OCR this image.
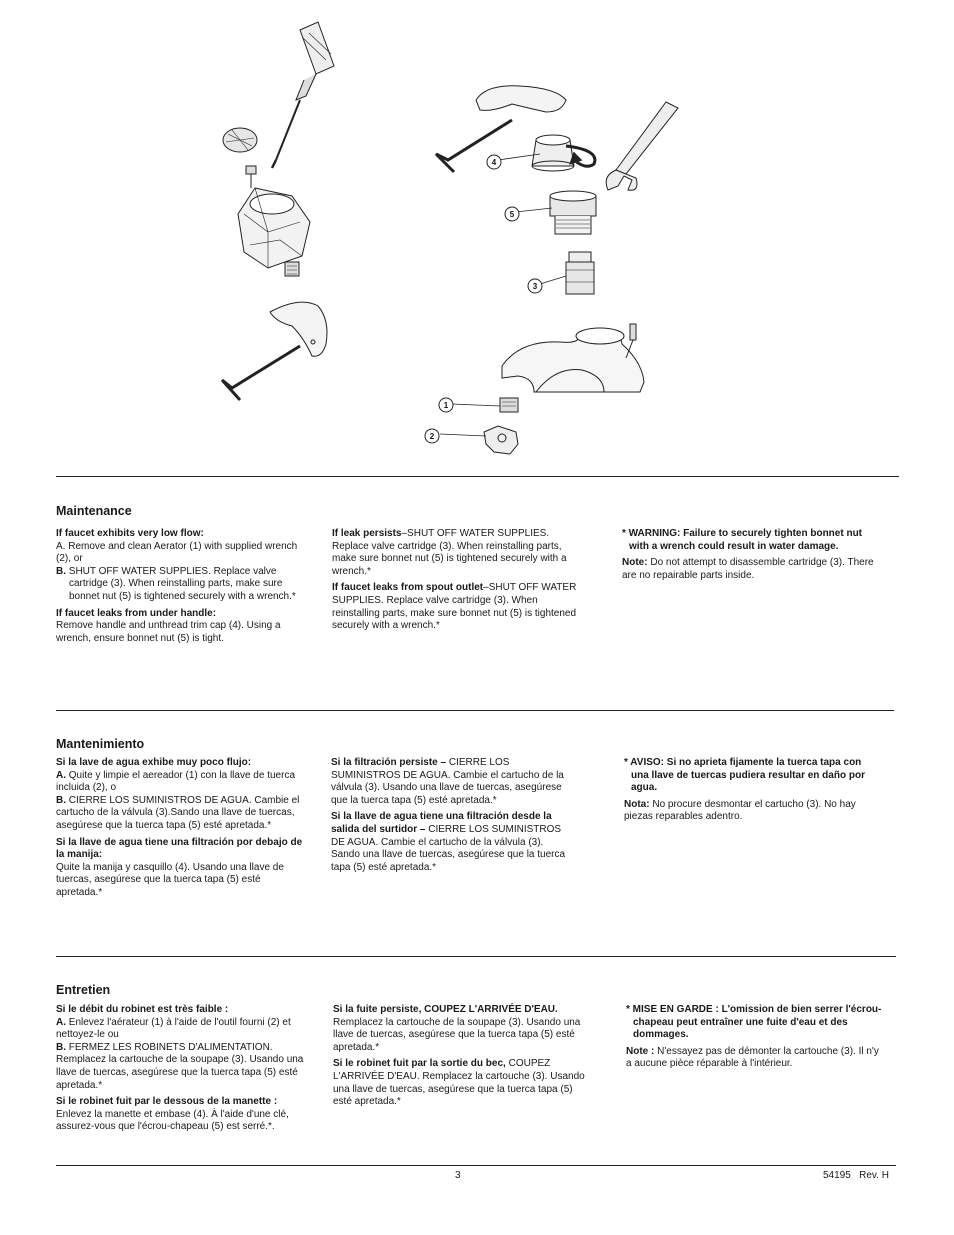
4
5
3
1
2
Maintenance

If faucet exhibits very low flow:
A. Remove and clean Aerator (1) with supplied wrench (2), or

B. SHUT OFF WATER SUPPLIES. Replace valve cartridge (3). When reinstalling parts, make sure bonnet nut (5) is tightened securely with a wrench.*

If faucet leaks from under handle:
Remove handle and unthread trim cap (4). Using a wrench, ensure bonnet nut (5) is tight.

If leak persists–SHUT OFF WATER SUPPLIES. Replace valve cartridge (3). When reinstalling parts, make sure bonnet nut (5) is tightened securely with a wrench.*

If faucet leaks from spout outlet–SHUT OFF WATER SUPPLIES. Replace valve cartridge (3). When reinstalling parts, make sure bonnet nut (5) is tightened securely with a wrench.*

* WARNING: Failure to securely tighten bonnet nut with a wrench could result in water damage.

Note: Do not attempt to disassemble cartridge (3). There are no repairable parts inside.

Mantenimiento

Si la lave de agua exhibe muy poco flujo:
A. Quite y limpie el aereador (1) con la llave de tuerca incluida (2), o
B. CIERRE LOS SUMINISTROS DE AGUA. Cambie el cartucho de la válvula (3).Sando una llave de tuercas, asegúrese que la tuerca tapa (5) esté apretada.*

Si la llave de agua tiene una filtración por debajo de la manija:
Quite la manija y casquillo (4). Usando una llave de tuercas, asegúrese que la tuerca tapa (5) esté apretada.*

Si la filtración persiste – CIERRE LOS SUMINISTROS DE AGUA. Cambie el cartucho de la válvula (3). Usando una llave de tuercas, asegúrese que la tuerca tapa (5) esté apretada.*

Si la llave de agua tiene una filtración desde la salida del surtidor – CIERRE LOS SUMINISTROS DE AGUA. Cambie el cartucho de la válvula (3). Sando una llave de tuercas, asegúrese que la tuerca tapa (5) esté apretada.*

* AVISO: Si no aprieta fijamente la tuerca tapa con una llave de tuercas pudiera resultar en daño por agua.

Nota: No procure desmontar el cartucho (3). No hay piezas reparables adentro.

Entretien

Si le débit du robinet est très faible :
A. Enlevez l'aérateur (1) à l'aide de l'outil fourni (2) et nettoyez-le ou
B. FERMEZ LES ROBINETS D'ALIMENTATION. Remplacez la cartouche de la soupape (3). Usando una llave de tuercas, asegúrese que la tuerca tapa (5) esté apretada.*

Si le robinet fuit par le dessous de la manette :
Enlevez la manette et embase (4). À l'aide d'une clé, assurez-vous que l'écrou-chapeau (5) est serré.*.

Si la fuite persiste, COUPEZ L'ARRIVÉE D'EAU. Remplacez la cartouche de la soupape (3). Usando una llave de tuercas, asegúrese que la tuerca tapa (5) esté apretada.*

Si le robinet fuit par la sortie du bec, COUPEZ L'ARRIVÉE D'EAU. Remplacez la cartouche (3). Usando una llave de tuercas, asegúrese que la tuerca tapa (5) esté apretada.*

* MISE EN GARDE : L'omission de bien serrer l'écrou-chapeau peut entraîner une fuite d'eau et des dommages.

Note : N'essayez pas de démonter la cartouche (3). Il n'y a aucune pièce réparable à l'intérieur.

3	54195   Rev. H
